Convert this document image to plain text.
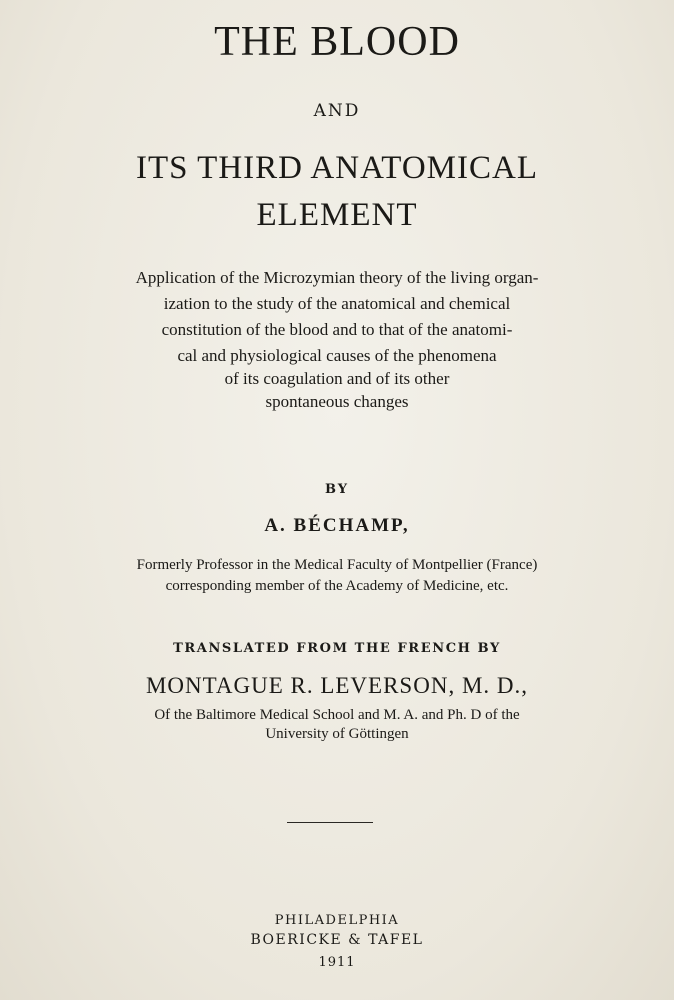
THE BLOOD
AND
ITS THIRD ANATOMICAL
ELEMENT
Application of the Microzymian theory of the living organ-
ization to the study of the anatomical and chemical
constitution of the blood and to that of the anatomi-
cal and physiological causes of the phenomena
of its coagulation and of its other
spontaneous changes
BY
A. BÉCHAMP,
Formerly Professor in the Medical Faculty of Montpellier (France)
corresponding member of the Academy of Medicine, etc.
TRANSLATED FROM THE FRENCH BY
MONTAGUE R. LEVERSON, M. D.,
Of the Baltimore Medical School and M. A. and Ph. D of the
University of Göttingen
PHILADELPHIA
BOERICKE & TAFEL
1911
